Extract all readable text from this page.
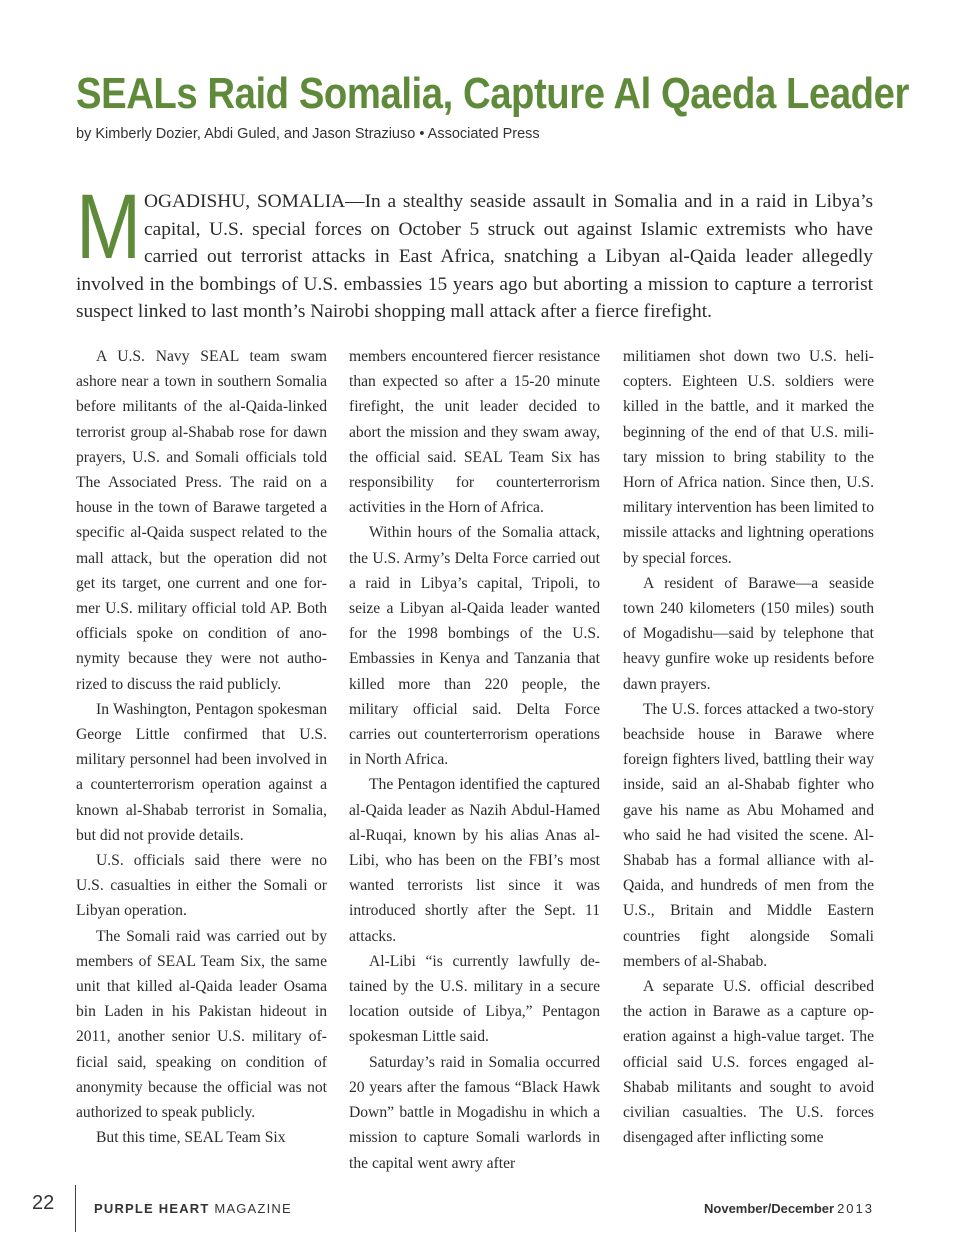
SEALs Raid Somalia, Capture Al Qaeda Leader
by Kimberly Dozier, Abdi Guled, and Jason Straziuso • Associated Press

MOGADISHU, SOMALIA—In a stealthy seaside assault in Somalia and in a raid in Libya’s capital, U.S. special forces on October 5 struck out against Islamic extremists who have carried out terrorist attacks in East Africa, snatching a Libyan al-Qaida leader allegedly involved in the bombings of U.S. embassies 15 years ago but aborting a mission to capture a terrorist suspect linked to last month’s Nairobi shopping mall attack after a fierce firefight.

A U.S. Navy SEAL team swam ashore near a town in southern Somalia before militants of the al-Qaida-linked terrorist group al-Shabab rose for dawn prayers, U.S. and Somali officials told The Associated Press. The raid on a house in the town of Barawe targeted a specific al-Qaida suspect related to the mall attack, but the operation did not get its target, one current and one former U.S. military official told AP. Both officials spoke on condition of anonymity because they were not authorized to discuss the raid publicly.

In Washington, Pentagon spokesman George Little confirmed that U.S. military personnel had been involved in a counterterrorism operation against a known al-Shabab terrorist in Somalia, but did not provide details.

U.S. officials said there were no U.S. casualties in either the Somali or Libyan operation.

The Somali raid was carried out by members of SEAL Team Six, the same unit that killed al-Qaida leader Osama bin Laden in his Pakistan hideout in 2011, another senior U.S. military official said, speaking on condition of anonymity because the official was not authorized to speak publicly.

But this time, SEAL Team Six

members encountered fiercer resistance than expected so after a 15-20 minute firefight, the unit leader decided to abort the mission and they swam away, the official said. SEAL Team Six has responsibility for counterterrorism activities in the Horn of Africa.

Within hours of the Somalia attack, the U.S. Army’s Delta Force carried out a raid in Libya’s capital, Tripoli, to seize a Libyan al-Qaida leader wanted for the 1998 bombings of the U.S. Embassies in Kenya and Tanzania that killed more than 220 people, the military official said. Delta Force carries out counterterrorism operations in North Africa.

The Pentagon identified the captured al-Qaida leader as Nazih Abdul-Hamed al-Ruqai, known by his alias Anas al-Libi, who has been on the FBI’s most wanted terrorists list since it was introduced shortly after the Sept. 11 attacks.

Al-Libi “is currently lawfully detained by the U.S. military in a secure location outside of Libya,” Pentagon spokesman Little said.

Saturday’s raid in Somalia occurred 20 years after the famous “Black Hawk Down” battle in Mogadishu in which a mission to capture Somali warlords in the capital went awry after

militiamen shot down two U.S. helicopters. Eighteen U.S. soldiers were killed in the battle, and it marked the beginning of the end of that U.S. military mission to bring stability to the Horn of Africa nation. Since then, U.S. military intervention has been limited to missile attacks and lightning operations by special forces.

A resident of Barawe—a seaside town 240 kilometers (150 miles) south of Mogadishu—said by telephone that heavy gunfire woke up residents before dawn prayers.

The U.S. forces attacked a two-story beachside house in Barawe where foreign fighters lived, battling their way inside, said an al-Shabab fighter who gave his name as Abu Mohamed and who said he had visited the scene. Al-Shabab has a formal alliance with al-Qaida, and hundreds of men from the U.S., Britain and Middle Eastern countries fight alongside Somali members of al-Shabab.

A separate U.S. official described the action in Barawe as a capture operation against a high-value target. The official said U.S. forces engaged al-Shabab militants and sought to avoid civilian casualties. The U.S. forces disengaged after inflicting some

22	PURPLE HEART MAGAZINE	November/December 2013
